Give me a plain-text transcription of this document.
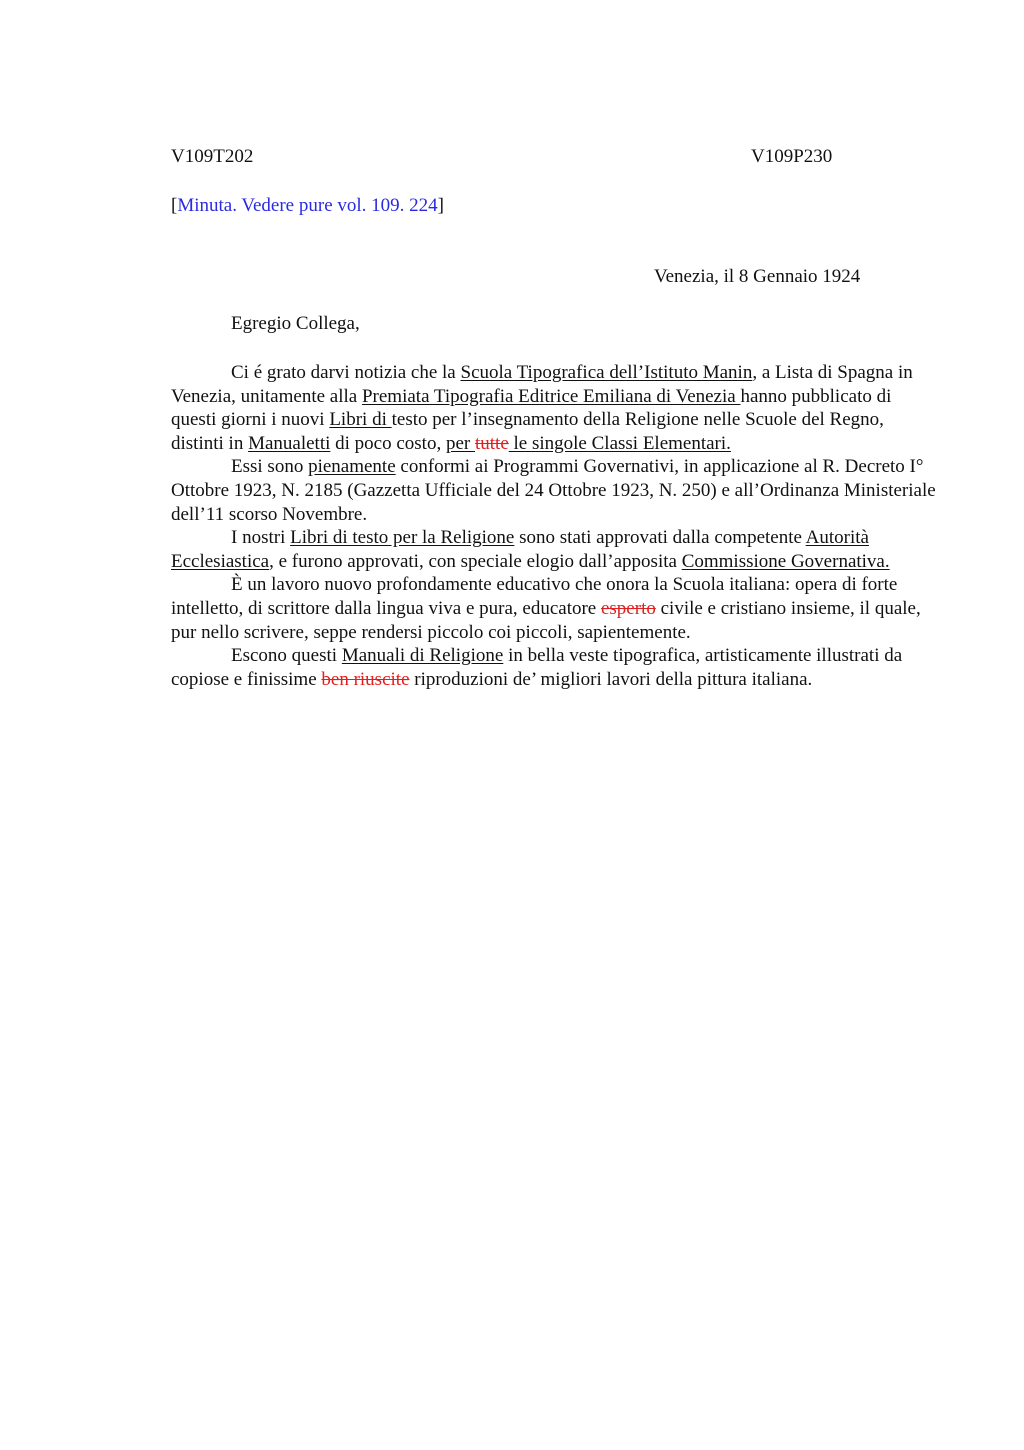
V109T202	V109P230
[Minuta. Vedere pure vol. 109. 224]
Venezia, il 8 Gennaio 1924
Egregio Collega,

Ci é grato darvi notizia che la Scuola Tipografica dell’Istituto Manin, a Lista di Spagna in Venezia, unitamente alla Premiata Tipografia Editrice Emiliana di Venezia hanno pubblicato di questi giorni i nuovi Libri di testo per l’insegnamento della Religione nelle Scuole del Regno, distinti in Manualetti di poco costo, per tutte le singole Classi Elementari.

Essi sono pienamente conformi ai Programmi Governativi, in applicazione al R. Decreto I° Ottobre 1923, N. 2185 (Gazzetta Ufficiale del 24 Ottobre 1923, N. 250) e all’Ordinanza Ministeriale dell’11 scorso Novembre.

I nostri Libri di testo per la Religione sono stati approvati dalla competente Autorità Ecclesiastica, e furono approvati, con speciale elogio dall’apposita Commissione Governativa.

È un lavoro nuovo profondamente educativo che onora la Scuola italiana: opera di forte intelletto, di scrittore dalla lingua viva e pura, educatore esperto civile e cristiano insieme, il quale, pur nello scrivere, seppe rendersi piccolo coi piccoli, sapientemente.

Escono questi Manuali di Religione in bella veste tipografica, artisticamente illustrati da copiose e finissime ben riuscite riproduzioni de’ migliori lavori della pittura italiana.
